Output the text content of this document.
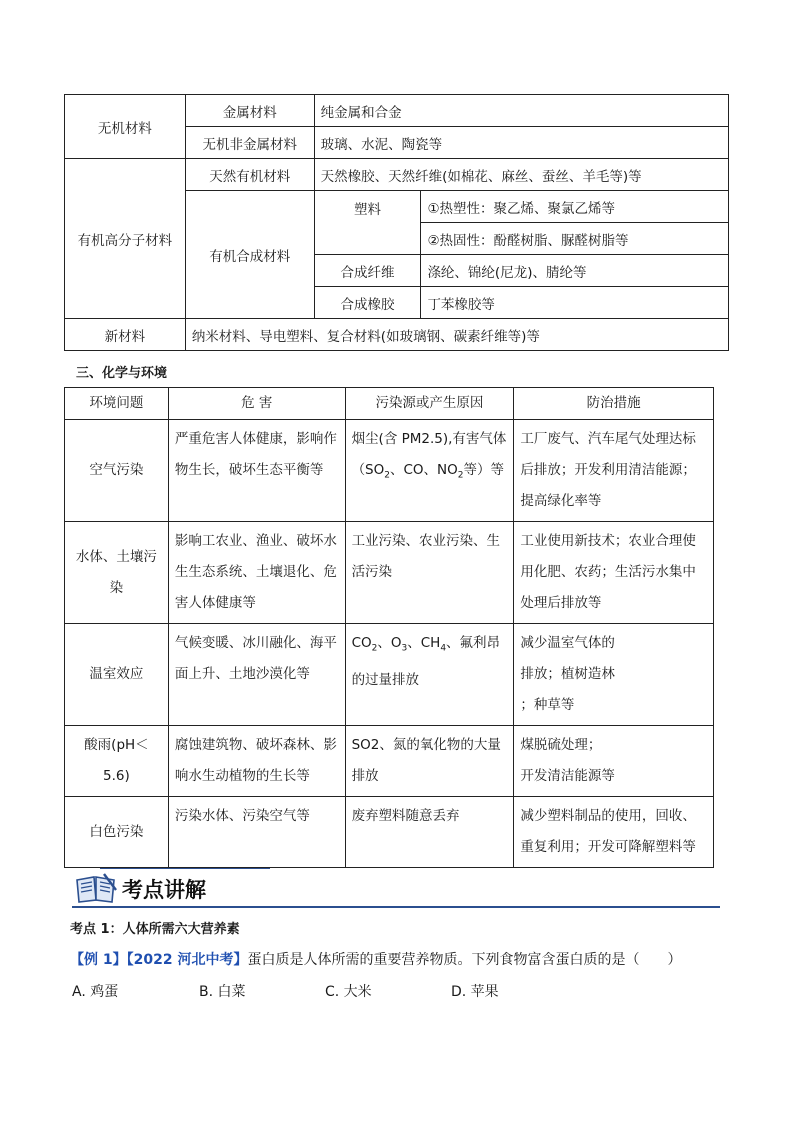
无机材料	金属材料	纯金属和合金	
	无机非金属材料	玻璃、水泥、陶瓷等	
有机高分子材料	天然有机材料	天然橡胶、天然纤维(如棉花、麻丝、蚕丝、羊毛等)等	
	有机合成材料	塑料	①热塑性：聚乙烯、聚氯乙烯等
			②热固性：酚醛树脂、脲醛树脂等
		合成纤维	涤纶、锦纶(尼龙)、腈纶等
		合成橡胶	丁苯橡胶等
新材料	纳米材料、导电塑料、复合材料(如玻璃钢、碳素纤维等)等		
三、化学与环境
环境问题	危 害	污染源或产生原因	防治措施
空气污染	严重危害人体健康，影响作物生长，破坏生态平衡等	烟尘(含 PM2.5),有害气体（$SO_2$、CO、$NO_2$等）等	工厂废气、汽车尾气处理达标后排放；开发利用清洁能源；提高绿化率等
水体、土壤污染	影响工农业、渔业、破坏水生生态系统、土壤退化、危害人体健康等	工业污染、农业污染、生活污染	工业使用新技术；农业合理使用化肥、农药；生活污水集中处理后排放等
温室效应	气候变暖、冰川融化、海平面上升、土地沙漠化等	$CO_2$、$O_3$、$CH_4$、氟利昂的过量排放	减少温室气体的
排放；植树造林
；种草等

酸雨(pH＜5.6)	腐蚀建筑物、破坏森林、影响水生动植物的生长等	SO2、氮的氧化物的大量排放	煤脱硫处理；
开发清洁能源等

白色污染	污染水体、污染空气等	废弃塑料随意丢弃	减少塑料制品的使用，回收、重复利用；开发可降解塑料等
考点讲解
考点 1：人体所需六大营养素
【例 1】【2022 河北中考】蛋白质是人体所需的重要营养物质。下列食物富含蛋白质的是（　　）
A. 鸡蛋	B. 白菜	C. 大米	D. 苹果
